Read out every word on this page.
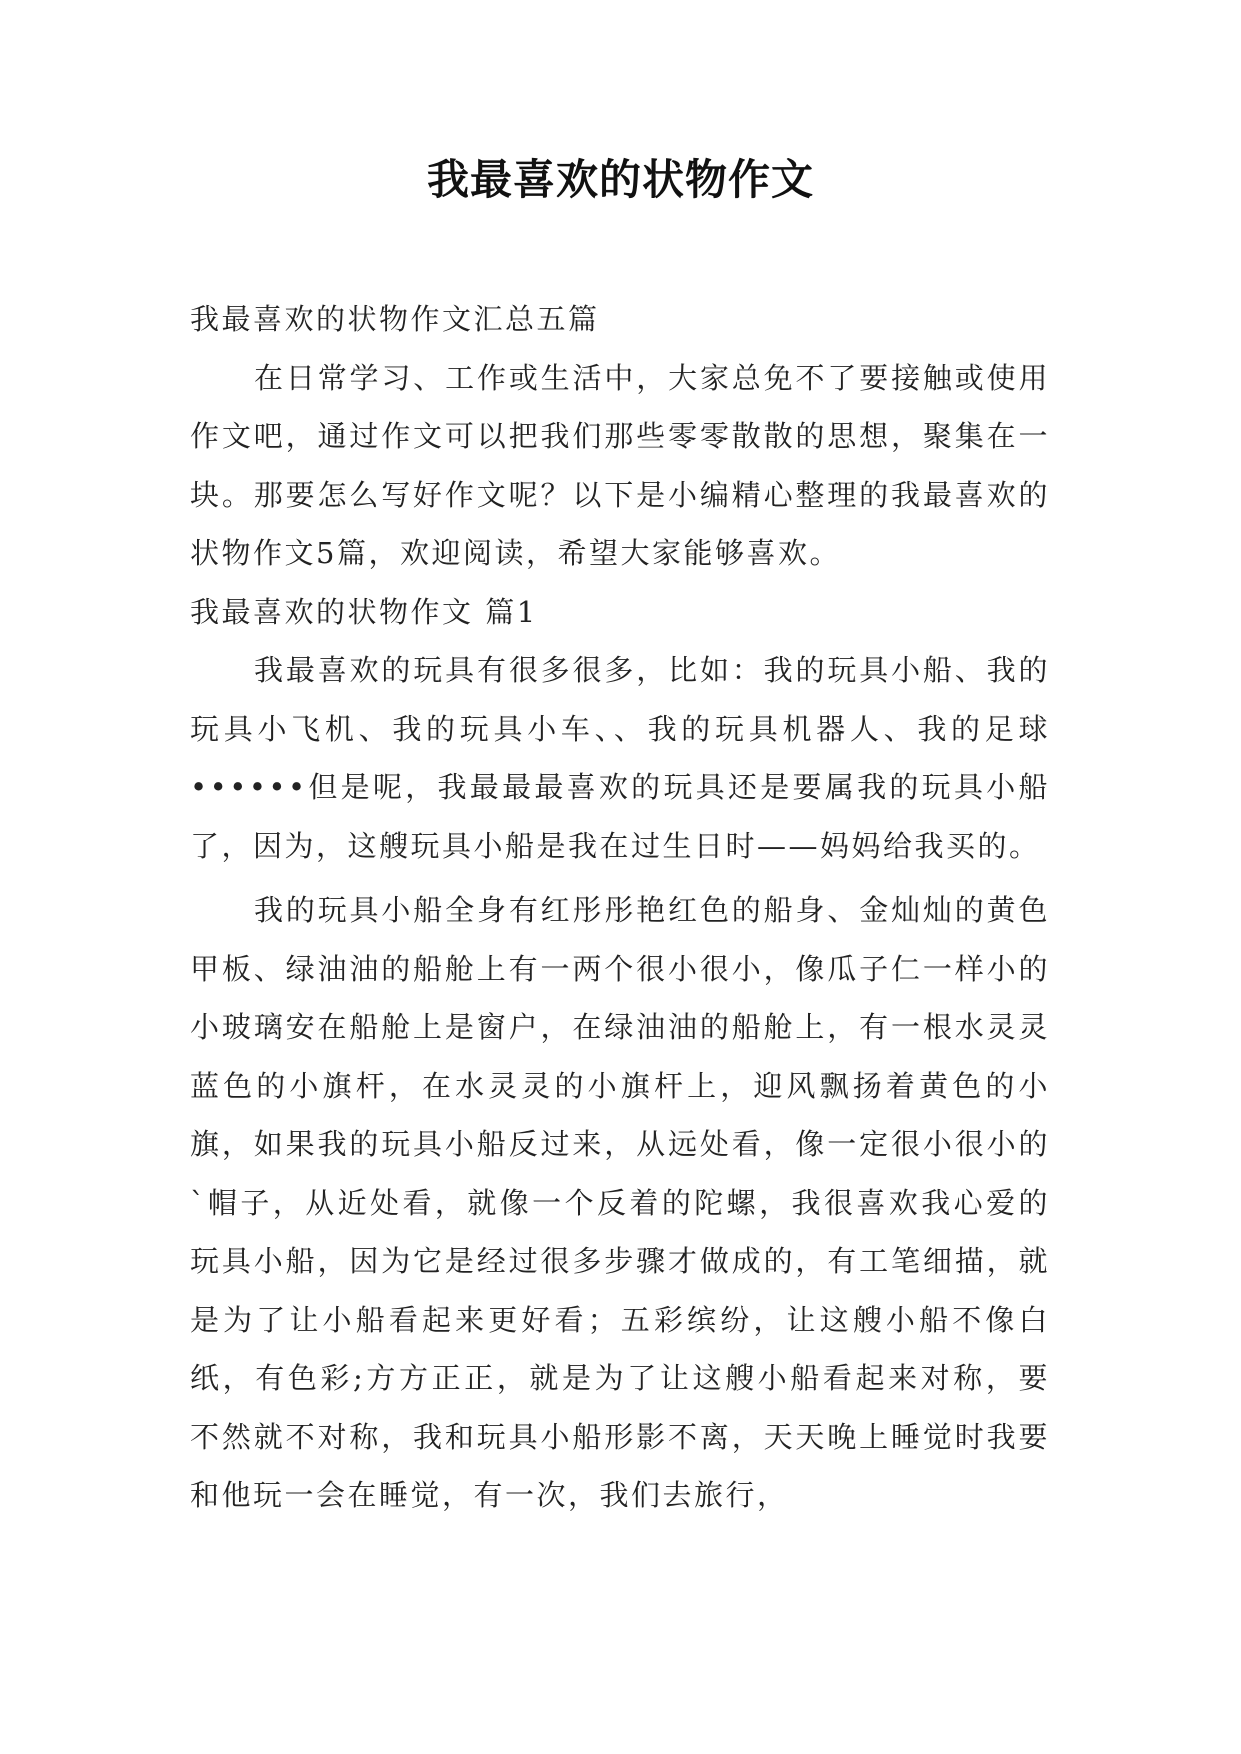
我最喜欢的状物作文

我最喜欢的状物作文汇总五篇

在日常学习、工作或生活中，大家总免不了要接触或使用作文吧，通过作文可以把我们那些零零散散的思想，聚集在一块。那要怎么写好作文呢？以下是小编精心整理的我最喜欢的状物作文5篇，欢迎阅读，希望大家能够喜欢。

我最喜欢的状物作文 篇1

我最喜欢的玩具有很多很多，比如：我的玩具小船、我的玩具小飞机、我的玩具小车、、我的玩具机器人、我的足球••••••但是呢，我最最最喜欢的玩具还是要属我的玩具小船了，因为，这艘玩具小船是我在过生日时——妈妈给我买的。

我的玩具小船全身有红彤彤艳红色的船身、金灿灿的黄色甲板、绿油油的船舱上有一两个很小很小，像瓜子仁一样小的小玻璃安在船舱上是窗户，在绿油油的船舱上，有一根水灵灵蓝色的小旗杆，在水灵灵的小旗杆上，迎风飘扬着黄色的小旗，如果我的玩具小船反过来，从远处看，像一定很小很小的`帽子，从近处看，就像一个反着的陀螺，我很喜欢我心爱的玩具小船，因为它是经过很多步骤才做成的，有工笔细描，就是为了让小船看起来更好看；五彩缤纷，让这艘小船不像白纸，有色彩;方方正正，就是为了让这艘小船看起来对称，要不然就不对称，我和玩具小船形影不离，天天晚上睡觉时我要和他玩一会在睡觉，有一次，我们去旅行，
